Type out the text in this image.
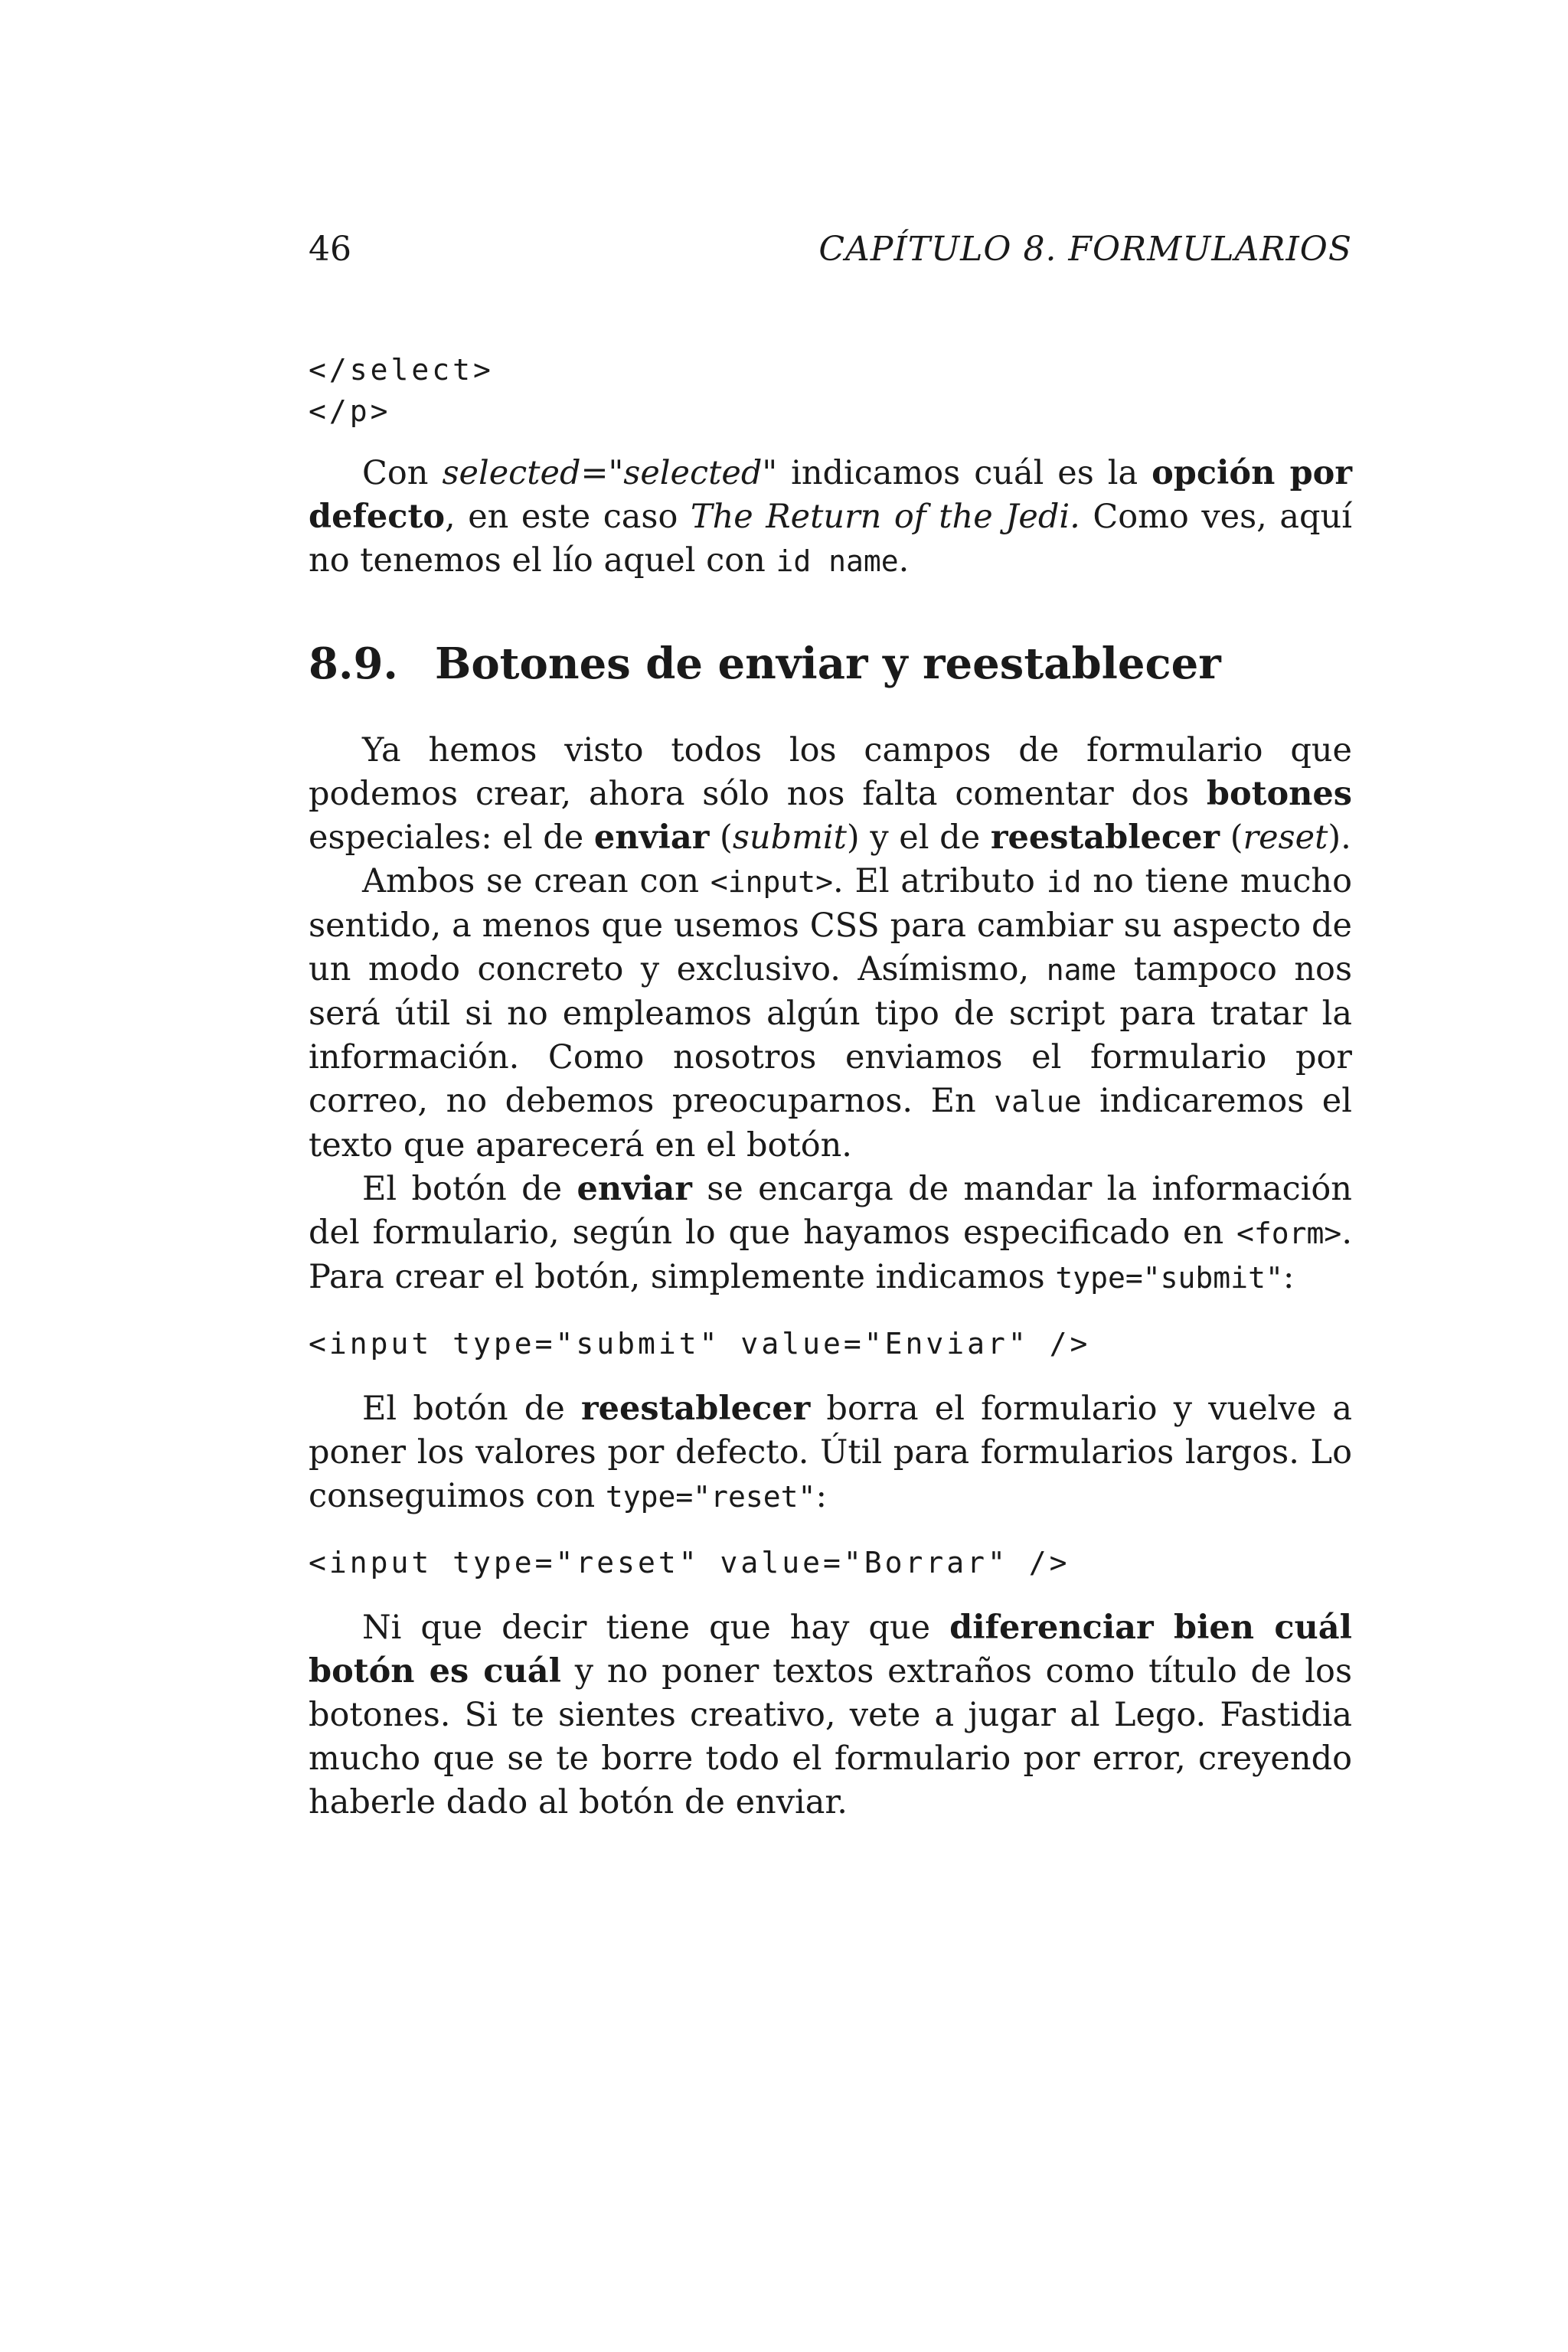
46	CAPÍTULO 8. FORMULARIOS
</select>
</p>

Con selected="selected" indicamos cuál es la opción por defecto, en este caso The Return of the Jedi. Como ves, aquí no tenemos el lío aquel con id name.

8.9. Botones de enviar y reestablecer

Ya hemos visto todos los campos de formulario que podemos crear, ahora sólo nos falta comentar dos botones especiales: el de enviar (submit) y el de reestablecer (reset).

Ambos se crean con <input>. El atributo id no tiene mucho sentido, a menos que usemos CSS para cambiar su aspecto de un modo concreto y exclusivo. Asímismo, name tampoco nos será útil si no empleamos algún tipo de script para tratar la información. Como nosotros enviamos el formulario por correo, no debemos preocuparnos. En value indicaremos el texto que aparecerá en el botón.

El botón de enviar se encarga de mandar la información del formulario, según lo que hayamos especificado en <form>. Para crear el botón, simplemente indicamos type="submit":

<input type="submit" value="Enviar" />

El botón de reestablecer borra el formulario y vuelve a poner los valores por defecto. Útil para formularios largos. Lo conseguimos con type="reset":

<input type="reset" value="Borrar" />

Ni que decir tiene que hay que diferenciar bien cuál botón es cuál y no poner textos extraños como título de los botones. Si te sientes creativo, vete a jugar al Lego. Fastidia mucho que se te borre todo el formulario por error, creyendo haberle dado al botón de enviar.
